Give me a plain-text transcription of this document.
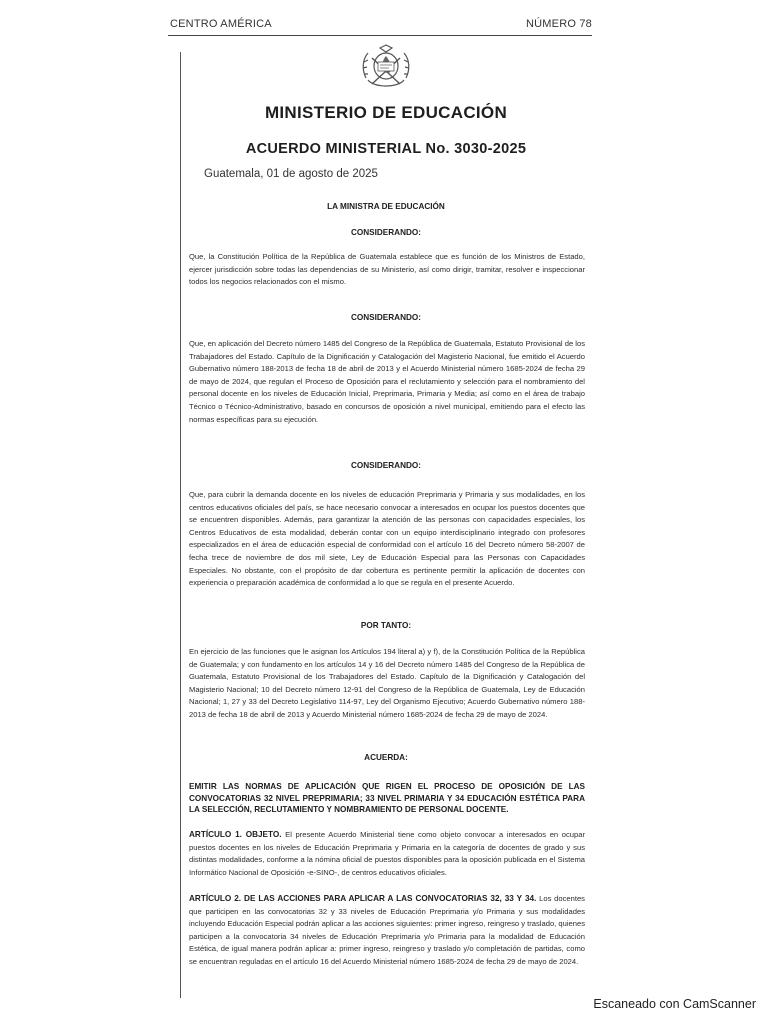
CENTRO AMÉRICA	NÚMERO 78
MINISTERIO DE EDUCACIÓN
ACUERDO MINISTERIAL No. 3030-2025
Guatemala, 01 de agosto de 2025
LA MINISTRA DE EDUCACIÓN
CONSIDERANDO:

Que, la Constitución Política de la República de Guatemala establece que es función de los Ministros de Estado, ejercer jurisdicción sobre todas las dependencias de su Ministerio, así como dirigir, tramitar, resolver e inspeccionar todos los negocios relacionados con el mismo.

CONSIDERANDO:

Que, en aplicación del Decreto número 1485 del Congreso de la República de Guatemala, Estatuto Provisional de los Trabajadores del Estado. Capítulo de la Dignificación y Catalogación del Magisterio Nacional, fue emitido el Acuerdo Gubernativo número 188-2013 de fecha 18 de abril de 2013 y el Acuerdo Ministerial número 1685-2024 de fecha 29 de mayo de 2024, que regulan el Proceso de Oposición para el reclutamiento y selección para el nombramiento del personal docente en los niveles de Educación Inicial, Preprimaria, Primaria y Media; así como en el área de trabajo Técnico o Técnico-Administrativo, basado en concursos de oposición a nivel municipal, emitiendo para el efecto las normas específicas para su ejecución.

CONSIDERANDO:

Que, para cubrir la demanda docente en los niveles de educación Preprimaria y Primaria y sus modalidades, en los centros educativos oficiales del país, se hace necesario convocar a interesados en ocupar los puestos docentes que se encuentren disponibles. Además, para garantizar la atención de las personas con capacidades especiales, los Centros Educativos de esta modalidad, deberán contar con un equipo interdisciplinario integrado con profesores especializados en el área de educación especial de conformidad con el artículo 16 del Decreto número 58-2007 de fecha trece de noviembre de dos mil siete, Ley de Educación Especial para las Personas con Capacidades Especiales. No obstante, con el propósito de dar cobertura es pertinente permitir la aplicación de docentes con experiencia o preparación académica de conformidad a lo que se regula en el presente Acuerdo.

POR TANTO:

En ejercicio de las funciones que le asignan los Artículos 194 literal a) y f), de la Constitución Política de la República de Guatemala; y con fundamento en los artículos 14 y 16 del Decreto número 1485 del Congreso de la República de Guatemala, Estatuto Provisional de los Trabajadores del Estado. Capítulo de la Dignificación y Catalogación del Magisterio Nacional; 10 del Decreto número 12-91 del Congreso de la República de Guatemala, Ley de Educación Nacional; 1, 27 y 33 del Decreto Legislativo 114-97, Ley del Organismo Ejecutivo; Acuerdo Gubernativo número 188-2013 de fecha 18 de abril de 2013 y Acuerdo Ministerial número 1685-2024 de fecha 29 de mayo de 2024.

ACUERDA:

EMITIR LAS NORMAS DE APLICACIÓN QUE RIGEN EL PROCESO DE OPOSICIÓN DE LAS CONVOCATORIAS 32 NIVEL PREPRIMARIA; 33 NIVEL PRIMARIA Y 34 EDUCACIÓN ESTÉTICA PARA LA SELECCIÓN, RECLUTAMIENTO Y NOMBRAMIENTO DE PERSONAL DOCENTE.

ARTÍCULO 1. OBJETO. El presente Acuerdo Ministerial tiene como objeto convocar a interesados en ocupar puestos docentes en los niveles de Educación Preprimaria y Primaria en la categoría de docentes de grado y sus distintas modalidades, conforme a la nómina oficial de puestos disponibles para la oposición publicada en el Sistema Informático Nacional de Oposición -e-SINO-, de centros educativos oficiales.

ARTÍCULO 2. DE LAS ACCIONES PARA APLICAR A LAS CONVOCATORIAS 32, 33 Y 34. Los docentes que participen en las convocatorias 32 y 33 niveles de Educación Preprimaria y/o Primaria y sus modalidades incluyendo Educación Especial podrán aplicar a las acciones siguientes: primer ingreso, reingreso y traslado, quienes participen a la convocatoria 34 niveles de Educación Preprimaria y/o Primaria para la modalidad de Educación Estética, de igual manera podrán aplicar a: primer ingreso, reingreso y traslado y/o completación de partidas, como se encuentran reguladas en el artículo 16 del Acuerdo Ministerial número 1685-2024 de fecha 29 de mayo de 2024.

Escaneado con CamScanner
